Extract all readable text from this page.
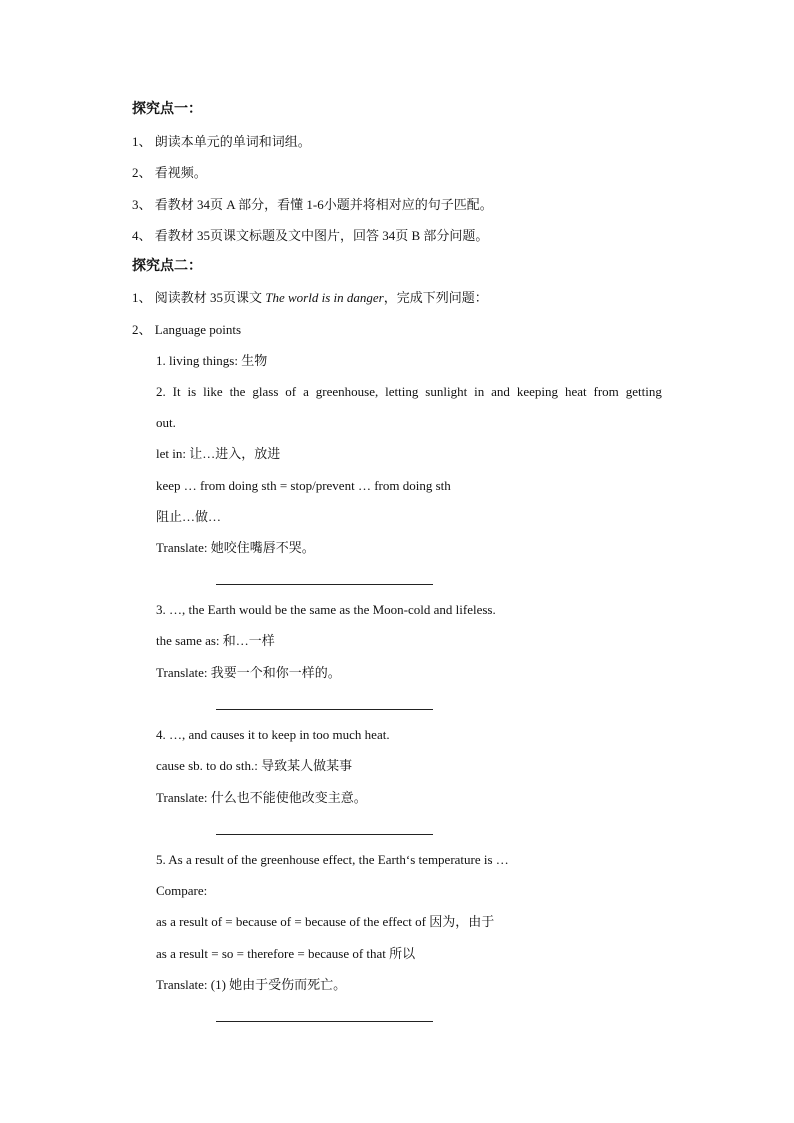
探究点一：
1、 朗读本单元的单词和词组。
2、 看视频。
3、 看教材 34页 A 部分，看懂 1-6小题并将相对应的句子匹配。
4、 看教材 35页课文标题及文中图片，回答 34页 B 部分问题。
探究点二：
1、 阅读教材 35页课文 The world is in danger，完成下列问题：
2、 Language points
1. living things: 生物
2. It is like the glass of a greenhouse, letting sunlight in and keeping heat from getting
out.
let in: 让…进入，放进
keep … from doing sth = stop/prevent … from doing sth
阻止…做…
Translate: 她咬住嘴唇不哭。
3. …, the Earth would be the same as the Moon-cold and lifeless.
the same as: 和…一样
Translate: 我要一个和你一样的。
4. …, and causes it to keep in too much heat.
cause sb. to do sth.: 导致某人做某事
Translate: 什么也不能使他改变主意。
5. As a result of the greenhouse effect, the Earth‘s temperature is …
Compare:
as a result of = because of = because of the effect of 因为，由于
as a result = so = therefore = because of that 所以
Translate: (1) 她由于受伤而死亡。
